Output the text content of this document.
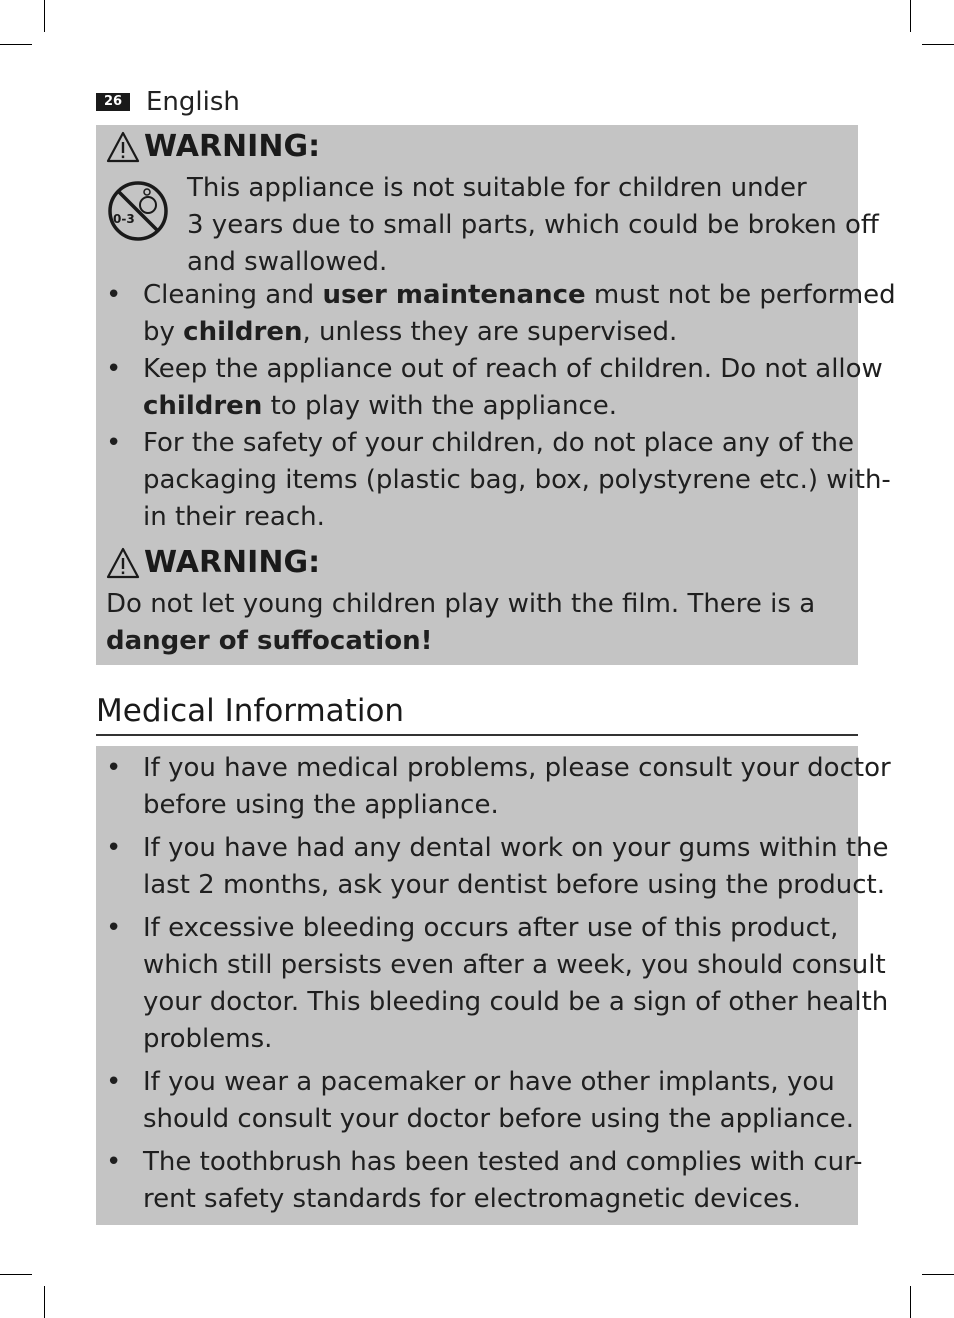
26 English
WARNING:
0-3
This appliance is not suitable for children under
3 years due to small parts, which could be broken off
and swallowed.
• Cleaning and user maintenance must not be performed
by children, unless they are supervised.
• Keep the appliance out of reach of children. Do not allow
children to play with the appliance.
• For the safety of your children, do not place any of the
packaging items (plastic bag, box, polystyrene etc.) with-
in their reach.
WARNING:
Do not let young children play with the film. There is a
danger of suffocation!
Medical Information
• If you have medical problems, please consult your doctor
before using the appliance.
• If you have had any dental work on your gums within the
last 2 months, ask your dentist before using the product.
• If excessive bleeding occurs after use of this product,
which still persists even after a week, you should consult
your doctor. This bleeding could be a sign of other health
problems.
• If you wear a pacemaker or have other implants, you
should consult your doctor before using the appliance.
• The toothbrush has been tested and complies with cur-
rent safety standards for electromagnetic devices.
